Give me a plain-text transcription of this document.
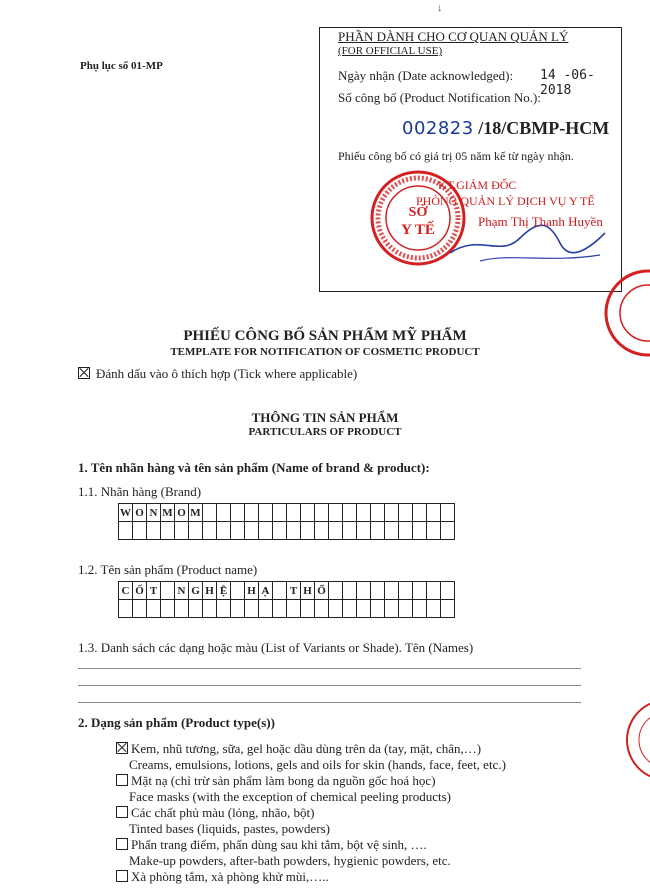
↓
Phụ lục số 01-MP
PHẦN DÀNH CHO CƠ QUAN QUẢN LÝ
(FOR OFFICIAL USE)
Ngày nhận (Date acknowledged): 14 -06- 2018
Số công bố (Product Notification No.):
002823 /18/CBMP-HCM
Phiếu công bố có giá trị 05 năm kể từ ngày nhận.
SỞ
Y TẾ
KT.GIÁM ĐỐC
PHÒNG QUẢN LÝ DỊCH VỤ Y TẾ
Phạm Thị Thanh Huyền
PHIẾU CÔNG BỐ SẢN PHẨM MỸ PHẨM
TEMPLATE FOR NOTIFICATION OF COSMETIC PRODUCT
Đánh dấu vào ô thích hợp (Tick where applicable)
THÔNG TIN SẢN PHẨM
PARTICULARS OF PRODUCT
1. Tên nhãn hàng và tên sản phẩm (Name of brand & product):
1.1. Nhãn hàng (Brand)
W	O	N	M	O	M																		

1.2. Tên sản phẩm (Product name)
C	Ố	T		N	G	H	Ệ		H	Ạ		T	H	Ổ									

1.3. Danh sách các dạng hoặc màu (List of Variants or Shade). Tên (Names)
2. Dạng sản phẩm (Product type(s))
Kem, nhũ tương, sữa, gel hoặc dầu dùng trên da (tay, mặt, chân,…)
Creams, emulsions, lotions, gels and oils for skin (hands, face, feet, etc.)
Mặt nạ (chỉ trừ sản phẩm làm bong da nguồn gốc hoá học)
Face masks (with the exception of chemical peeling products)
Các chất phủ màu (lỏng, nhão, bột)
Tinted bases (liquids, pastes, powders)
Phấn trang điểm, phấn dùng sau khi tắm, bột vệ sinh, ….
Make-up powders, after-bath powders, hygienic powders, etc.
Xà phòng tắm, xà phòng khử mùi,…..
